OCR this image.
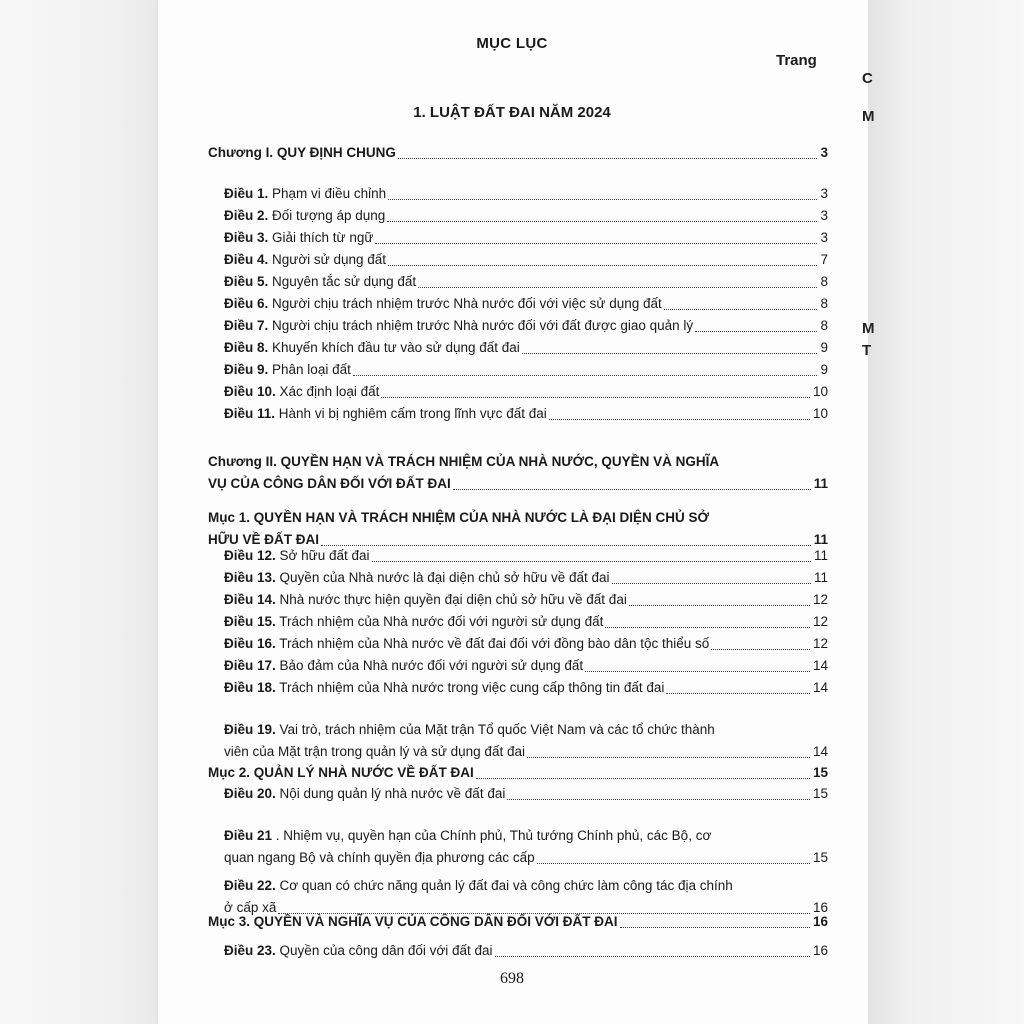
C
M
M
T
MỤC LỤC
Trang
1. LUẬT ĐẤT ĐAI NĂM 2024
Chương I. QUY ĐỊNH CHUNG	3
Điều 1. Phạm vi điều chỉnh	3
Điều 2. Đối tượng áp dụng	3
Điều 3. Giải thích từ ngữ	3
Điều 4. Người sử dụng đất	7
Điều 5. Nguyên tắc sử dụng đất	8
Điều 6. Người chịu trách nhiệm trước Nhà nước đối với việc sử dụng đất	8
Điều 7. Người chịu trách nhiệm trước Nhà nước đối với đất được giao quản lý	8
Điều 8. Khuyến khích đầu tư vào sử dụng đất đai	9
Điều 9. Phân loại đất	9
Điều 10. Xác định loại đất	10
Điều 11. Hành vi bị nghiêm cấm trong lĩnh vực đất đai	10
Chương II. QUYỀN HẠN VÀ TRÁCH NHIỆM CỦA NHÀ NƯỚC, QUYỀN VÀ NGHĨA
VỤ CỦA CÔNG DÂN ĐỐI VỚI ĐẤT ĐAI	11
Mục 1. QUYỀN HẠN VÀ TRÁCH NHIỆM CỦA NHÀ NƯỚC LÀ ĐẠI DIỆN CHỦ SỞ
HỮU VỀ ĐẤT ĐAI	11
Điều 12. Sở hữu đất đai	11
Điều 13. Quyền của Nhà nước là đại diện chủ sở hữu về đất đai	11
Điều 14. Nhà nước thực hiện quyền đại diện chủ sở hữu về đất đai	12
Điều 15. Trách nhiệm của Nhà nước đối với người sử dụng đất	12
Điều 16. Trách nhiệm của Nhà nước về đất đai đối với đồng bào dân tộc thiểu số	12
Điều 17. Bảo đảm của Nhà nước đối với người sử dụng đất	14
Điều 18. Trách nhiệm của Nhà nước trong việc cung cấp thông tin đất đai	14
Điều 19. Vai trò, trách nhiệm của Mặt trận Tổ quốc Việt Nam và các tổ chức thành
viên của Mặt trận trong quản lý và sử dụng đất đai	14
Mục 2. QUẢN LÝ NHÀ NƯỚC VỀ ĐẤT ĐAI	15
Điều 20. Nội dung quản lý nhà nước về đất đai	15
Điều 21 . Nhiệm vụ, quyền hạn của Chính phủ, Thủ tướng Chính phủ, các Bộ, cơ
quan ngang Bộ và chính quyền địa phương các cấp	15
Điều 22. Cơ quan có chức năng quản lý đất đai và công chức làm công tác địa chính
ở cấp xã	16
Mục 3. QUYỀN VÀ NGHĨA VỤ CỦA CÔNG DÂN ĐỐI VỚI ĐẤT ĐAI	16
Điều 23. Quyền của công dân đối với đất đai	16
698
